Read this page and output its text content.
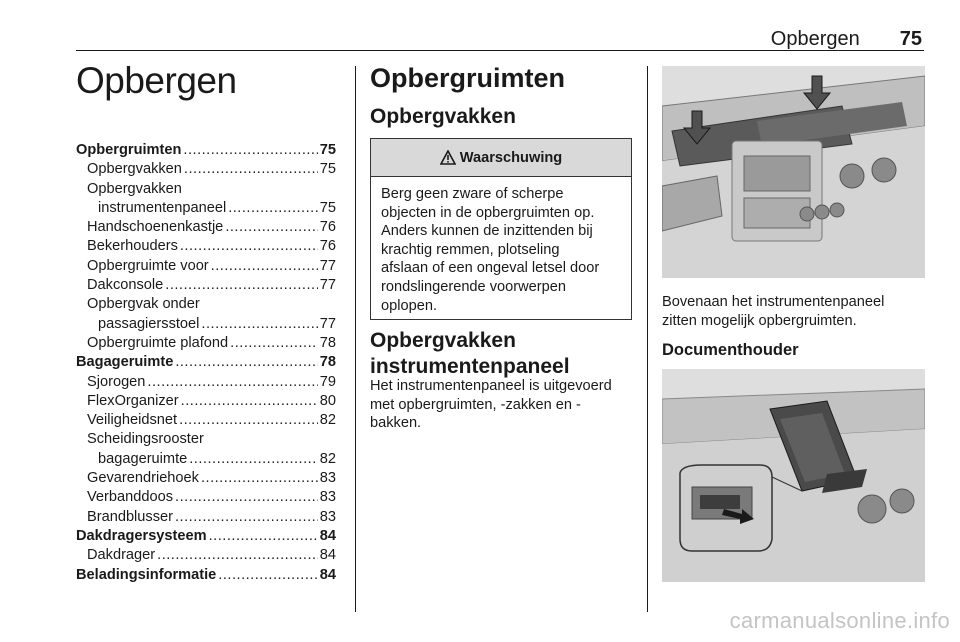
Opbergen 75
Opbergen
Opbergruimten .....	75
Opbergvakken .....	75
Opbergvakken
instrumentenpaneel .....	75
Handschoenenkastje .....	76
Bekerhouders .....	76
Opbergruimte voor .....	77
Dakconsole .....	77
Opbergvak onder
passagiersstoel .....	77
Opbergruimte plafond .....	78
Bagageruimte .....	78
Sjorogen .....	79
FlexOrganizer .....	80
Veiligheidsnet .....	82
Scheidingsrooster
bagageruimte .....	82
Gevarendriehoek .....	83
Verbanddoos .....	83
Brandblusser .....	83
Dakdragersysteem .....	84
Dakdrager .....	84
Beladingsinformatie .....	84
Opbergruimten
Opbergvakken
Waarschuwing
Berg geen zware of scherpe
objecten in de opbergruimten op.
Anders kunnen de inzittenden bij
krachtig remmen, plotseling
afslaan of een ongeval letsel door
rondslingerende voorwerpen
oplopen.
Opbergvakken
instrumentenpaneel
Het instrumentenpaneel is uitgevoerd
met opbergruimten, -zakken en -
bakken.
Bovenaan het instrumentenpaneel
zitten mogelijk opbergruimten.
Documenthouder
carmanualsonline.info
